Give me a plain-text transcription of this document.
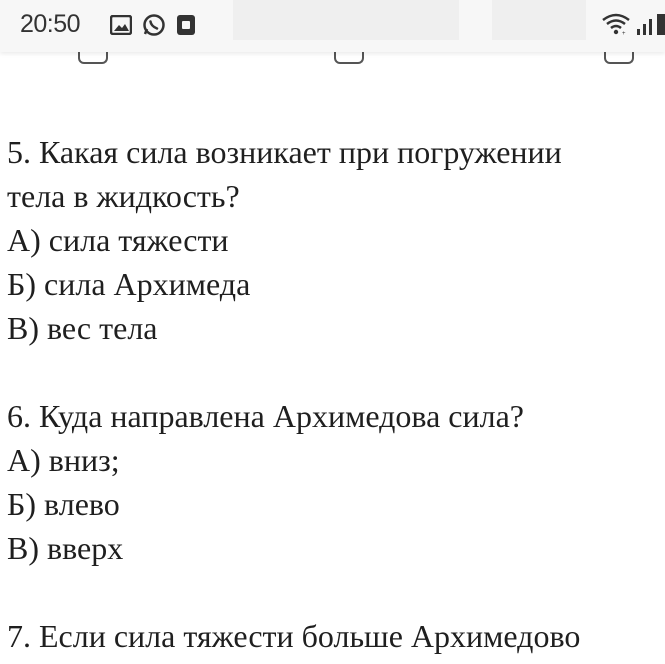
20:50	+
5. Какая сила возникает при погружении
тела в жидкость?
А) сила тяжести
Б) сила Архимеда
В) вес тела
6. Куда направлена Архимедова сила?
А) вниз;
Б) влево
В) вверх
7. Если сила тяжести больше Архимедово
